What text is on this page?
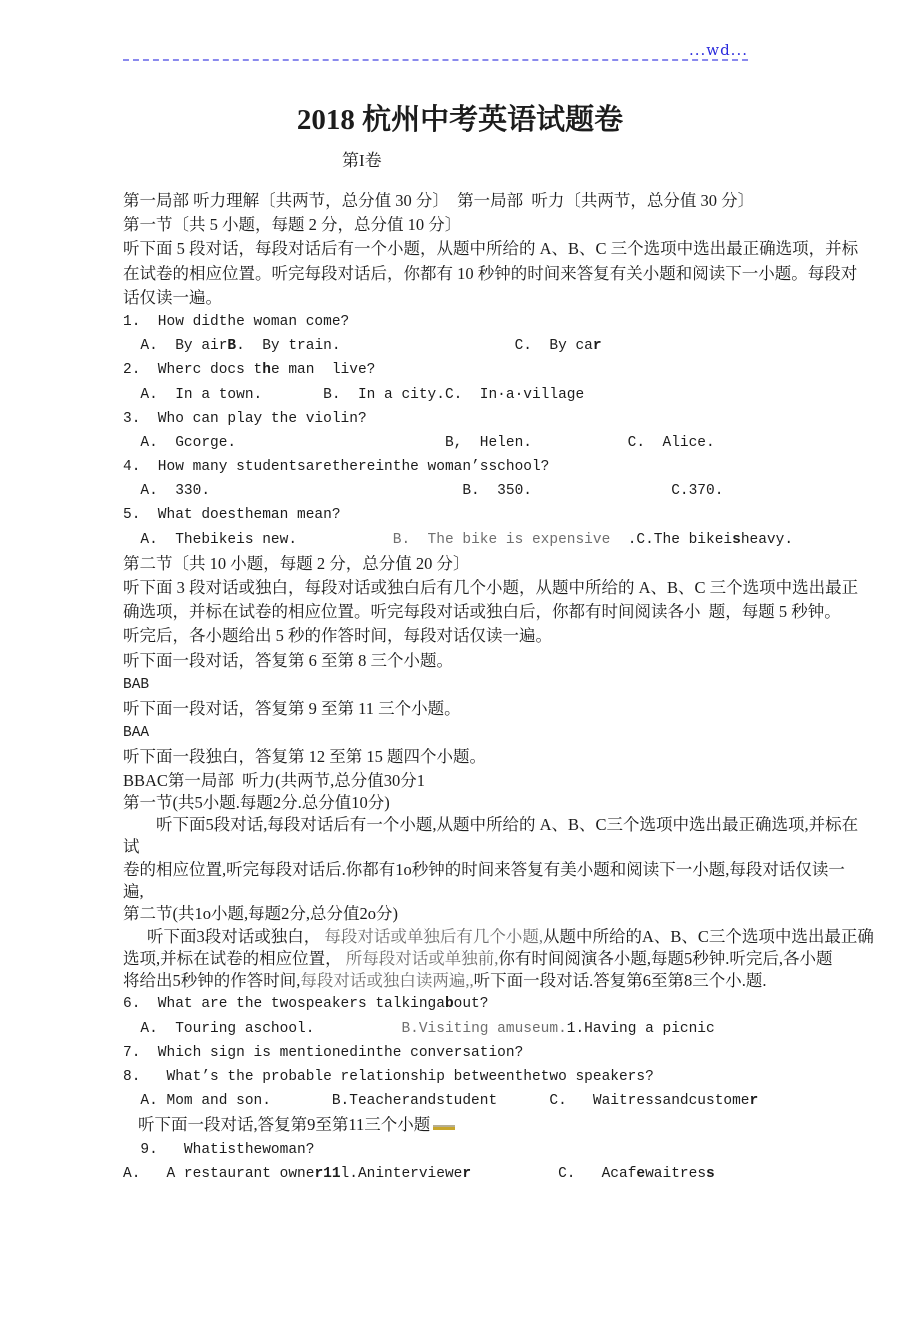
...wd...
2018 杭州中考英语试题卷
第I卷
第一局部 听力理解〔共两节，总分值 30 分〕  第一局部  听力〔共两节，总分值 30 分〕
第一节〔共 5 小题，每题 2 分，总分值 10 分〕
听下面 5 段对话，每段对话后有一个小题，从题中所给的 A、B、C 三个选项中选出最正确选项，并标
在试卷的相应位置。听完每段对话后，你都有 10 秒钟的时间来答复有关小题和阅读下一小题。每段对
话仅读一遍。
1.  How didthe woman come?
A.  By airB.  By train.                    C.  By car
2.  Wherc docs the man  live?
A.  In a town.       B.  In a city.C.  In·a·village
3.  Who can play the violin?
A.  Gcorge.                        B,  Helen.           C.  Alice.
4.  How many studentsarethereinthe woman’sschool?
A.  330.                             B.  350.                C.370.
5.  What doestheman mean?
A.  Thebikeis new.           B.  The bike is expensive  .C.The bikeisheavy.
第二节〔共 10 小题，每题 2 分，总分值 20 分〕
听下面 3 段对话或独白，每段对话或独白后有几个小题，从题中所给的 A、B、C 三个选项中选出最正
确选项，并标在试卷的相应位置。听完每段对话或独白后，你都有时间阅读各小  题，每题 5 秒钟。
听完后，各小题给出 5 秒的作答时间，每段对话仅读一遍。
听下面一段对话，答复第 6 至第 8 三个小题。
BAB
听下面一段对话，答复第 9 至第 11 三个小题。
BAA
听下面一段独白，答复第 12 至第 15 题四个小题。
BBAC第一局部  听力(共两节,总分值30分1
第一节(共5小题.每题2分.总分值10分)
听下面5段对话,每段对话后有一个小题,从题中所给的 A、B、C三个选项中选出最正确选项,并标在
试
卷的相应位置,听完每段对话后.你都有1o秒钟的时间来答复有美小题和阅读下一小题,每段对话仅读一
遍,
第二节(共1o小题,每题2分,总分值2o分)
听下面3段对话或独白， 每段对话或单独后有几个小题,从题中所给的A、B、C三个选项中选出最正确
选项,并标在试卷的相应位置， 所每段对话或单独前,你有时间阅演各小题,每题5秒钟.听完后,各小题
将给出5秒钟的作答时间,每段对话或独白读两遍,,听下面一段对话.答复第6至第8三个小.题.
6.  What are the twospeakers talkingabout?
A.  Touring aschool.          B.Visiting amuseum.1.Having a picnic
7.  Which sign is mentionedinthe conversation?
8.   What’s the probable relationship betweenthetwo speakers?
A. Mom and son.       B.Teacherandstudent      C.   Waitressandcustomer
听下面一段对话,答复第9至第11三个小题
9.   Whatisthewoman?
A.   A restaurant owner11l.Aninterviewer          C.   Acafewaitress
